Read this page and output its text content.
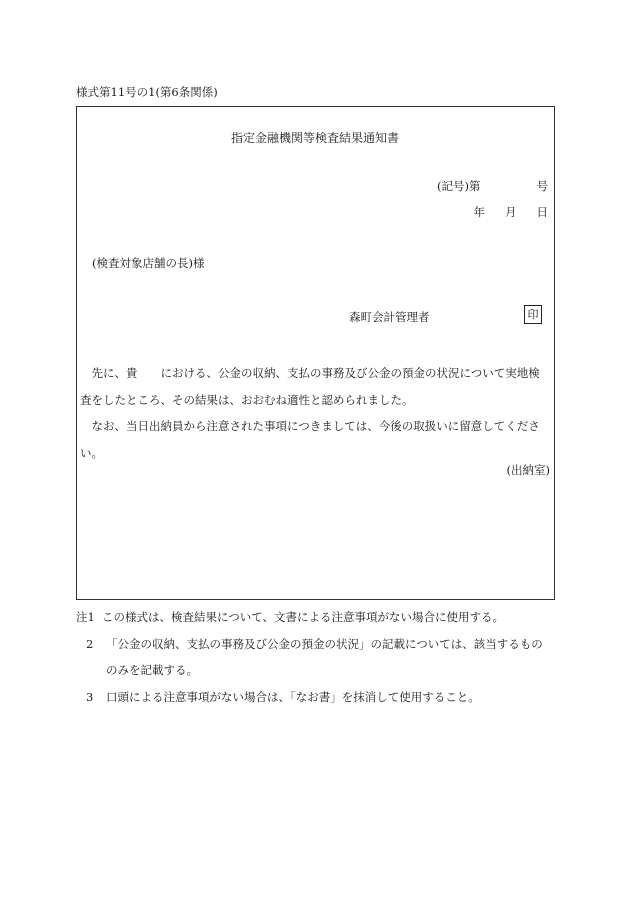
様式第11号の1(第6条関係)
指定金融機関等検査結果通知書
(記号)第	号
年 月 日
(検査対象店舗の長)様
森町会計管理者	印

先に、貴　　における、公金の収納、支払の事務及び公金の預金の状況について実地検査をしたところ、その結果は、おおむね適性と認められました。

なお、当日出納員から注意された事項につきましては、今後の取扱いに留意してください。

(出納室)
注1 この様式は、検査結果について、文書による注意事項がない場合に使用する。
2 「公金の収納、支払の事務及び公金の預金の状況」の記載については、該当するもの
のみを記載する。
3 口頭による注意事項がない場合は、「なお書」を抹消して使用すること。
